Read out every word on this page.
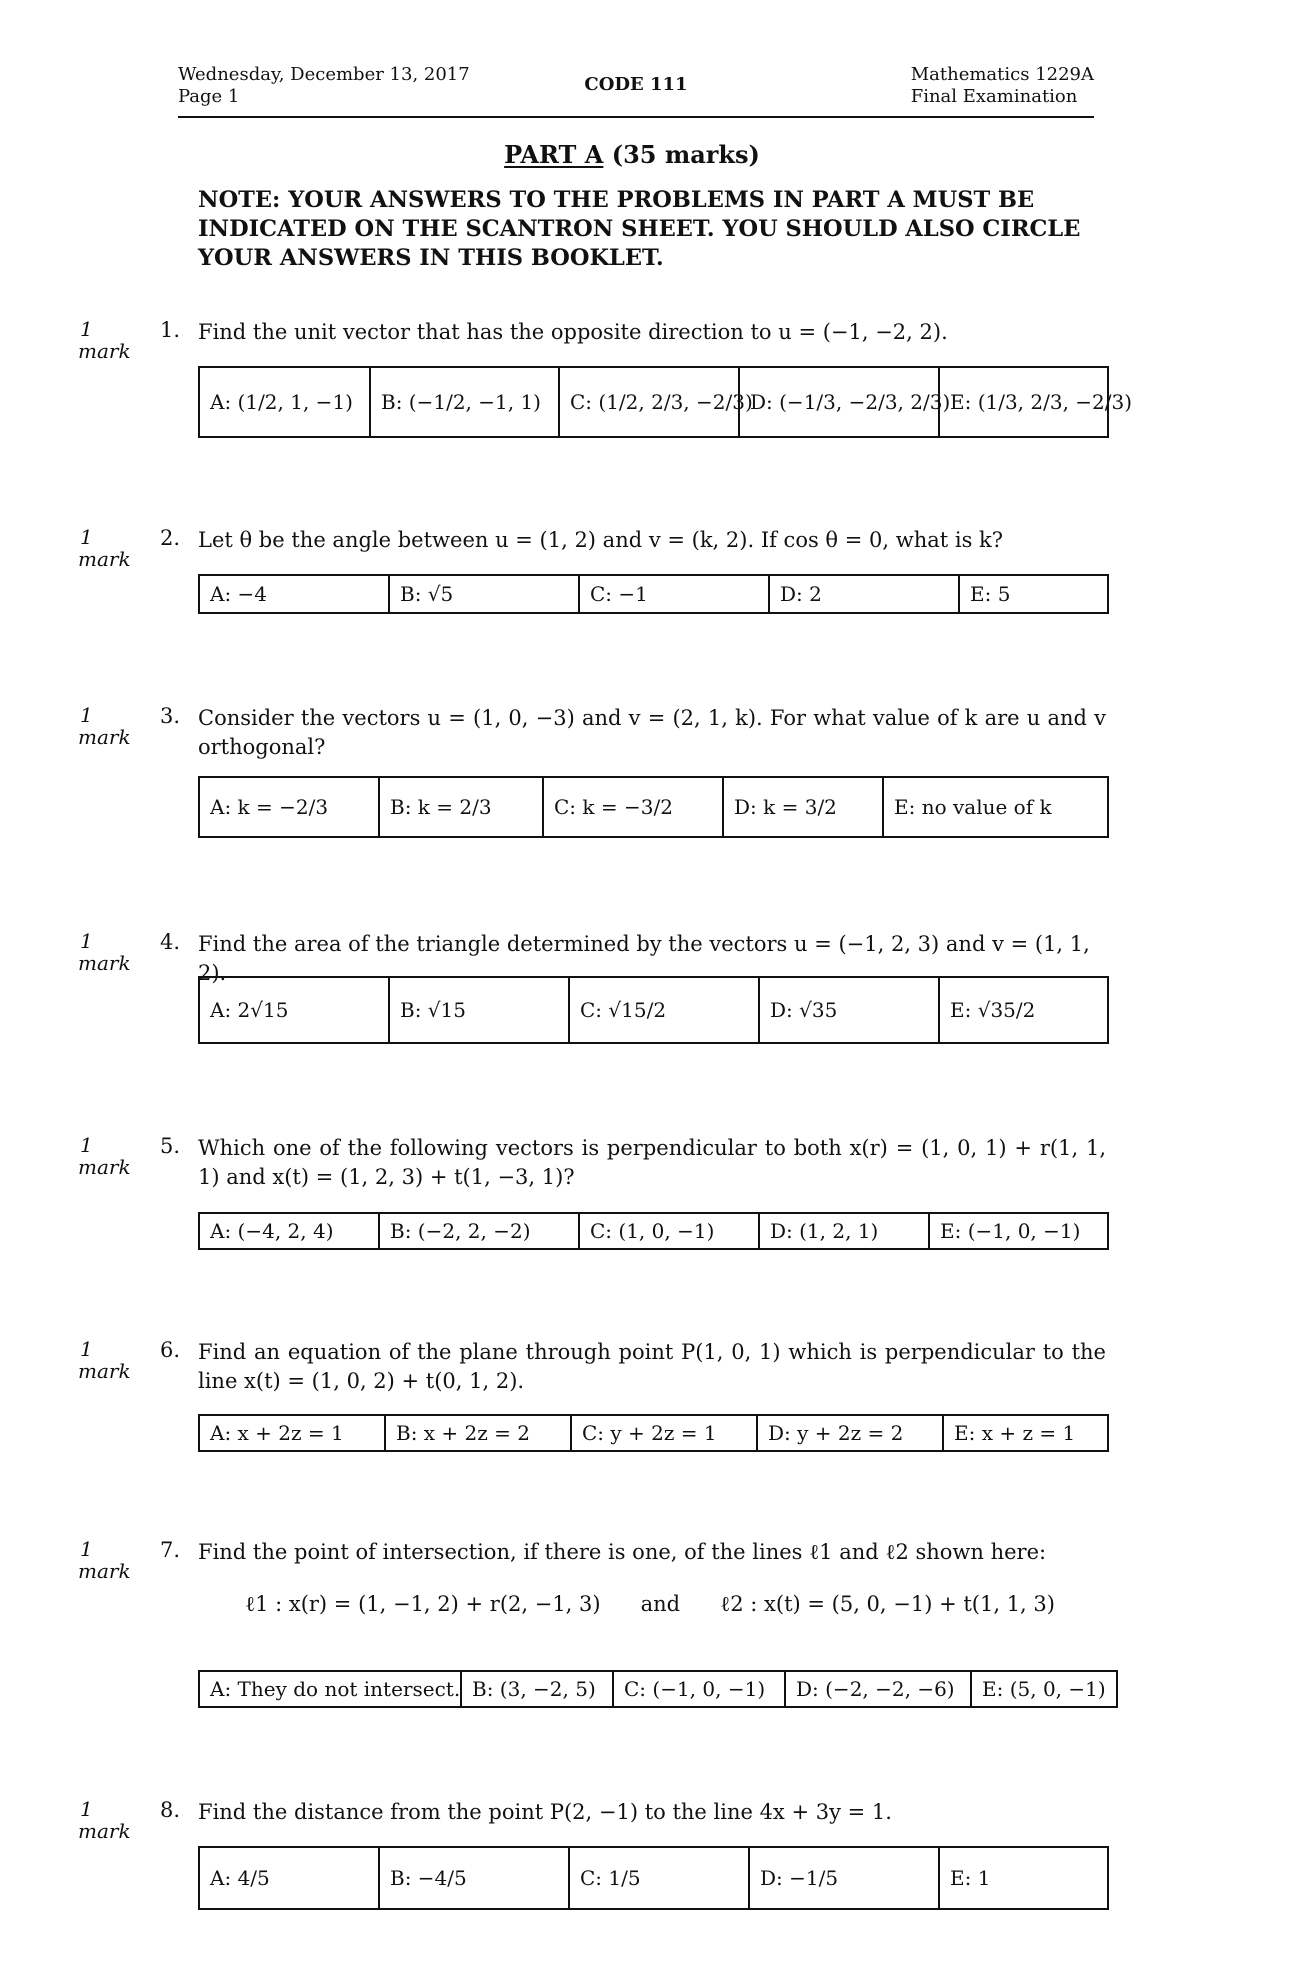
Wednesday, December 13, 2017
Page 1
CODE 111	Mathematics 1229A
Final Examination
PART A (35 marks)
NOTE: YOUR ANSWERS TO THE PROBLEMS IN PART A MUST BE INDICATED ON THE SCANTRON SHEET. YOU SHOULD ALSO CIRCLE YOUR ANSWERS IN THIS BOOKLET.
1
mark
1. Find the unit vector that has the opposite direction to u = (−1, −2, 2).
A: (1/2, 1, −1)	B: (−1/2, −1, 1)	C: (1/2, 2/3, −2/3)	D: (−1/3, −2/3, 2/3)	E: (1/3, 2/3, −2/3)
1
mark
2. Let θ be the angle between u = (1, 2) and v = (k, 2). If cos θ = 0, what is k?
A: −4	B: √5	C: −1	D: 2	E: 5
1
mark
3. Consider the vectors u = (1, 0, −3) and v = (2, 1, k). For what value of k are u and v orthogonal?
A: k = −2/3	B: k = 2/3	C: k = −3/2	D: k = 3/2	E: no value of k
1
mark
4. Find the area of the triangle determined by the vectors u = (−1, 2, 3) and v = (1, 1, 2).
A: 2√15	B: √15	C: √15/2	D: √35	E: √35/2
1
mark
5. Which one of the following vectors is perpendicular to both x(r) = (1, 0, 1) + r(1, 1, 1) and x(t) = (1, 2, 3) + t(1, −3, 1)?
A: (−4, 2, 4)	B: (−2, 2, −2)	C: (1, 0, −1)	D: (1, 2, 1)	E: (−1, 0, −1)
1
mark
6. Find an equation of the plane through point P(1, 0, 1) which is perpendicular to the line x(t) = (1, 0, 2) + t(0, 1, 2).
A: x + 2z = 1	B: x + 2z = 2	C: y + 2z = 1	D: y + 2z = 2	E: x + z = 1
1
mark
7. Find the point of intersection, if there is one, of the lines ℓ1 and ℓ2 shown here:
ℓ1 : x(r) = (1, −1, 2) + r(2, −1, 3)      and      ℓ2 : x(t) = (5, 0, −1) + t(1, 1, 3)
A: They do not intersect.	B: (3, −2, 5)	C: (−1, 0, −1)	D: (−2, −2, −6)	E: (5, 0, −1)
1
mark
8. Find the distance from the point P(2, −1) to the line 4x + 3y = 1.
A: 4/5	B: −4/5	C: 1/5	D: −1/5	E: 1
